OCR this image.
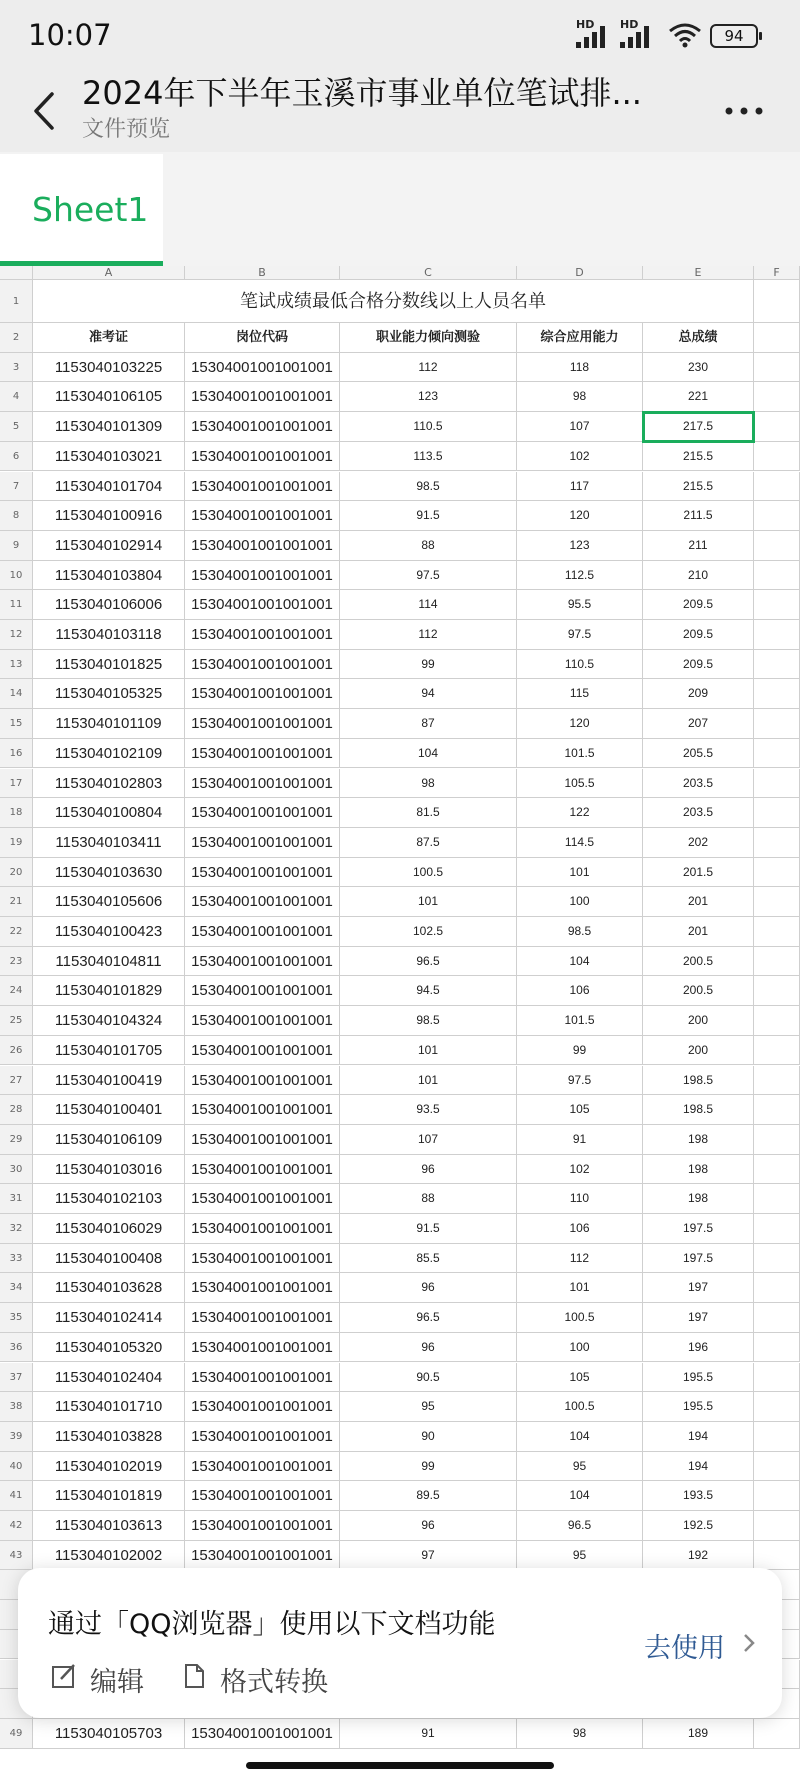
10:07	HD HD
94
2024年下半年玉溪市事业单位笔试排...
文件预览
Sheet1
A	B	C	D	E	F
1	笔试成绩最低合格分数线以上人员名单
2	准考证	岗位代码	职业能力倾向测验	综合应用能力	总成绩
3	1153040103225	15304001001001001	112	118	230
4	1153040106105	15304001001001001	123	98	221
5	1153040101309	15304001001001001	110.5	107	217.5
6	1153040103021	15304001001001001	113.5	102	215.5
7	1153040101704	15304001001001001	98.5	117	215.5
8	1153040100916	15304001001001001	91.5	120	211.5
9	1153040102914	15304001001001001	88	123	211
10	1153040103804	15304001001001001	97.5	112.5	210
11	1153040106006	15304001001001001	114	95.5	209.5
12	1153040103118	15304001001001001	112	97.5	209.5
13	1153040101825	15304001001001001	99	110.5	209.5
14	1153040105325	15304001001001001	94	115	209
15	1153040101109	15304001001001001	87	120	207
16	1153040102109	15304001001001001	104	101.5	205.5
17	1153040102803	15304001001001001	98	105.5	203.5
18	1153040100804	15304001001001001	81.5	122	203.5
19	1153040103411	15304001001001001	87.5	114.5	202
20	1153040103630	15304001001001001	100.5	101	201.5
21	1153040105606	15304001001001001	101	100	201
22	1153040100423	15304001001001001	102.5	98.5	201
23	1153040104811	15304001001001001	96.5	104	200.5
24	1153040101829	15304001001001001	94.5	106	200.5
25	1153040104324	15304001001001001	98.5	101.5	200
26	1153040101705	15304001001001001	101	99	200
27	1153040100419	15304001001001001	101	97.5	198.5
28	1153040100401	15304001001001001	93.5	105	198.5
29	1153040106109	15304001001001001	107	91	198
30	1153040103016	15304001001001001	96	102	198
31	1153040102103	15304001001001001	88	110	198
32	1153040106029	15304001001001001	91.5	106	197.5
33	1153040100408	15304001001001001	85.5	112	197.5
34	1153040103628	15304001001001001	96	101	197
35	1153040102414	15304001001001001	96.5	100.5	197
36	1153040105320	15304001001001001	96	100	196
37	1153040102404	15304001001001001	90.5	105	195.5
38	1153040101710	15304001001001001	95	100.5	195.5
39	1153040103828	15304001001001001	90	104	194
40	1153040102019	15304001001001001	99	95	194
41	1153040101819	15304001001001001	89.5	104	193.5
42	1153040103613	15304001001001001	96	96.5	192.5
43	1153040102002	15304001001001001	97	95	192
49	1153040105703	15304001001001001	91	98	189
通过「QQ浏览器」使用以下文档功能
编辑	格式转换
去使用
